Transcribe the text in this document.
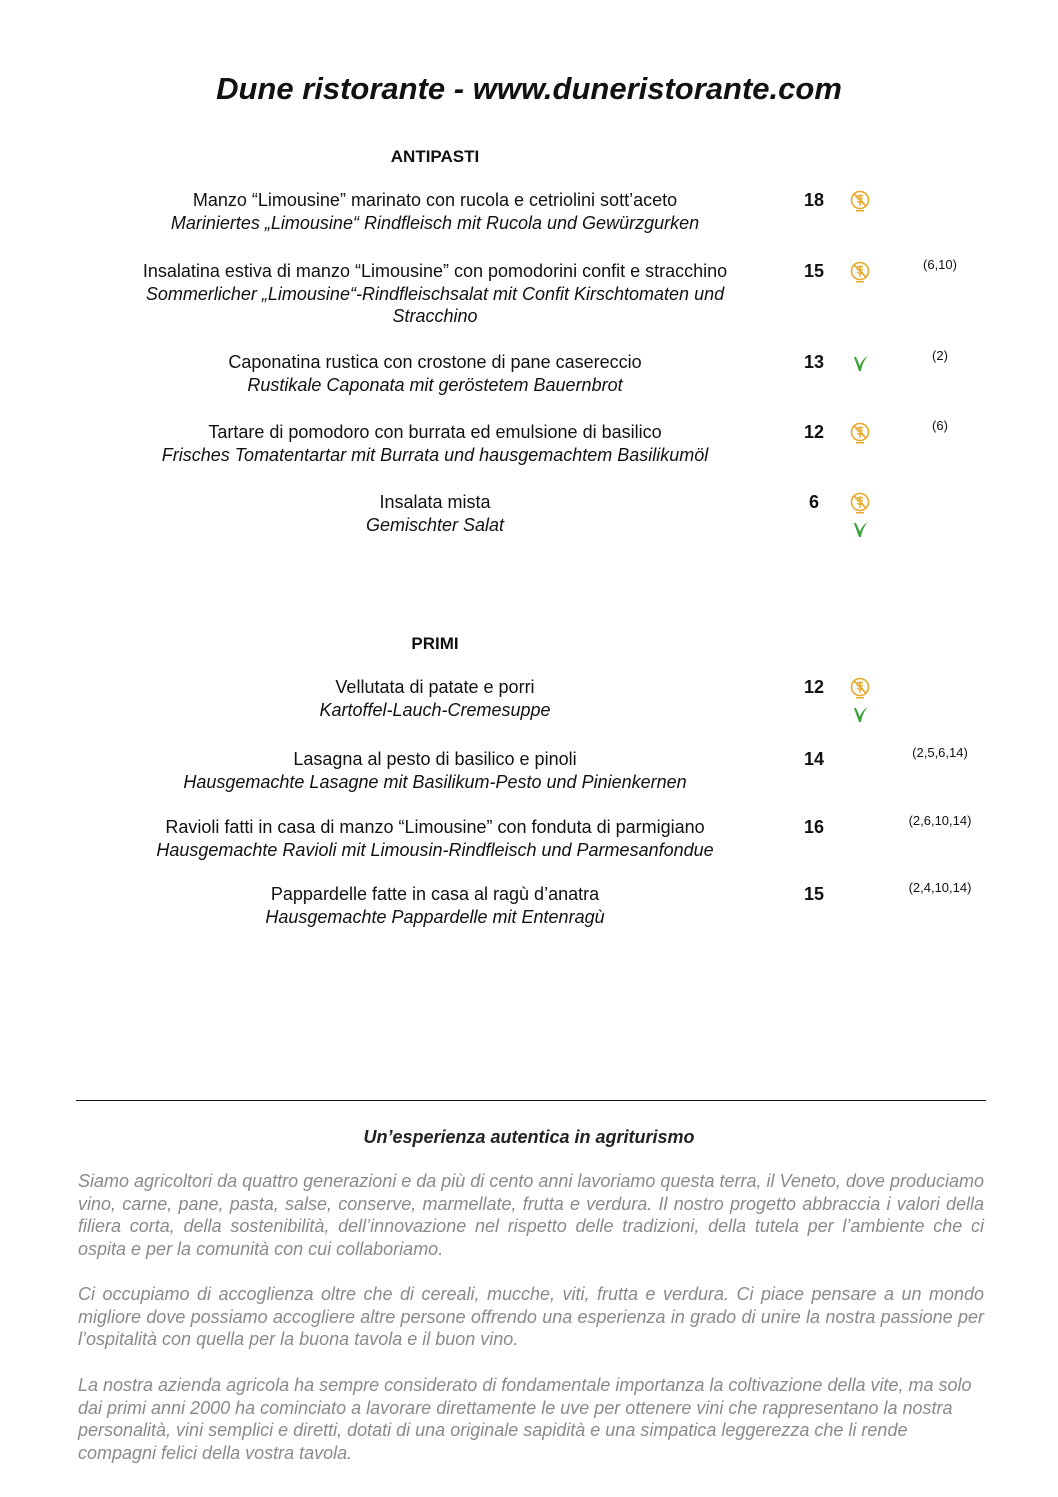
Dune ristorante - www.duneristorante.com
ANTIPASTI
Manzo “Limousine” marinato con rucola e cetriolini sott’aceto
Mariniertes „Limousine“ Rindfleisch mit Rucola und Gewürzgurken
18
Insalatina estiva di manzo “Limousine” con pomodorini confit e stracchino
Sommerlicher „Limousine“-Rindfleischsalat mit Confit Kirschtomaten und Stracchino
15	(6,10)
Caponatina rustica con crostone di pane casereccio
Rustikale Caponata mit geröstetem Bauernbrot
13	(2)
Tartare di pomodoro con burrata ed emulsione di basilico
Frisches Tomatentartar mit Burrata und hausgemachtem Basilikumöl
12	(6)
Insalata mista
Gemischter Salat
6
PRIMI
Vellutata di patate e porri
Kartoffel-Lauch-Cremesuppe
12
Lasagna al pesto di basilico e pinoli
Hausgemachte Lasagne mit Basilikum-Pesto und Pinienkernen
14	(2,5,6,14)
Ravioli fatti in casa di manzo “Limousine” con fonduta di parmigiano
Hausgemachte Ravioli mit Limousin-Rindfleisch und Parmesanfondue
16	(2,6,10,14)
Pappardelle fatte in casa al ragù d’anatra
Hausgemachte Pappardelle mit Entenragù
15	(2,4,10,14)
Un’esperienza autentica in agriturismo

Siamo agricoltori da quattro generazioni e da più di cento anni lavoriamo questa terra, il Veneto, dove produciamo vino, carne, pane, pasta, salse, conserve, marmellate, frutta e verdura. Il nostro progetto abbraccia i valori della filiera corta, della sostenibilità, dell’innovazione nel rispetto delle tradizioni, della tutela per l’ambiente che ci ospita e per la comunità con cui collaboriamo.

Ci occupiamo di accoglienza oltre che di cereali, mucche, viti, frutta e verdura. Ci piace pensare a un mondo migliore dove possiamo accogliere altre persone offrendo una esperienza in grado di unire la nostra passione per l’ospitalità con quella per la buona tavola e il buon vino.

La nostra azienda agricola ha sempre considerato di fondamentale importanza la coltivazione della vite, ma solo dai primi anni 2000 ha cominciato a lavorare direttamente le uve per ottenere vini che rappresentano la nostra personalità, vini semplici e diretti, dotati di una originale sapidità e una simpatica leggerezza che li rende compagni felici della vostra tavola.
